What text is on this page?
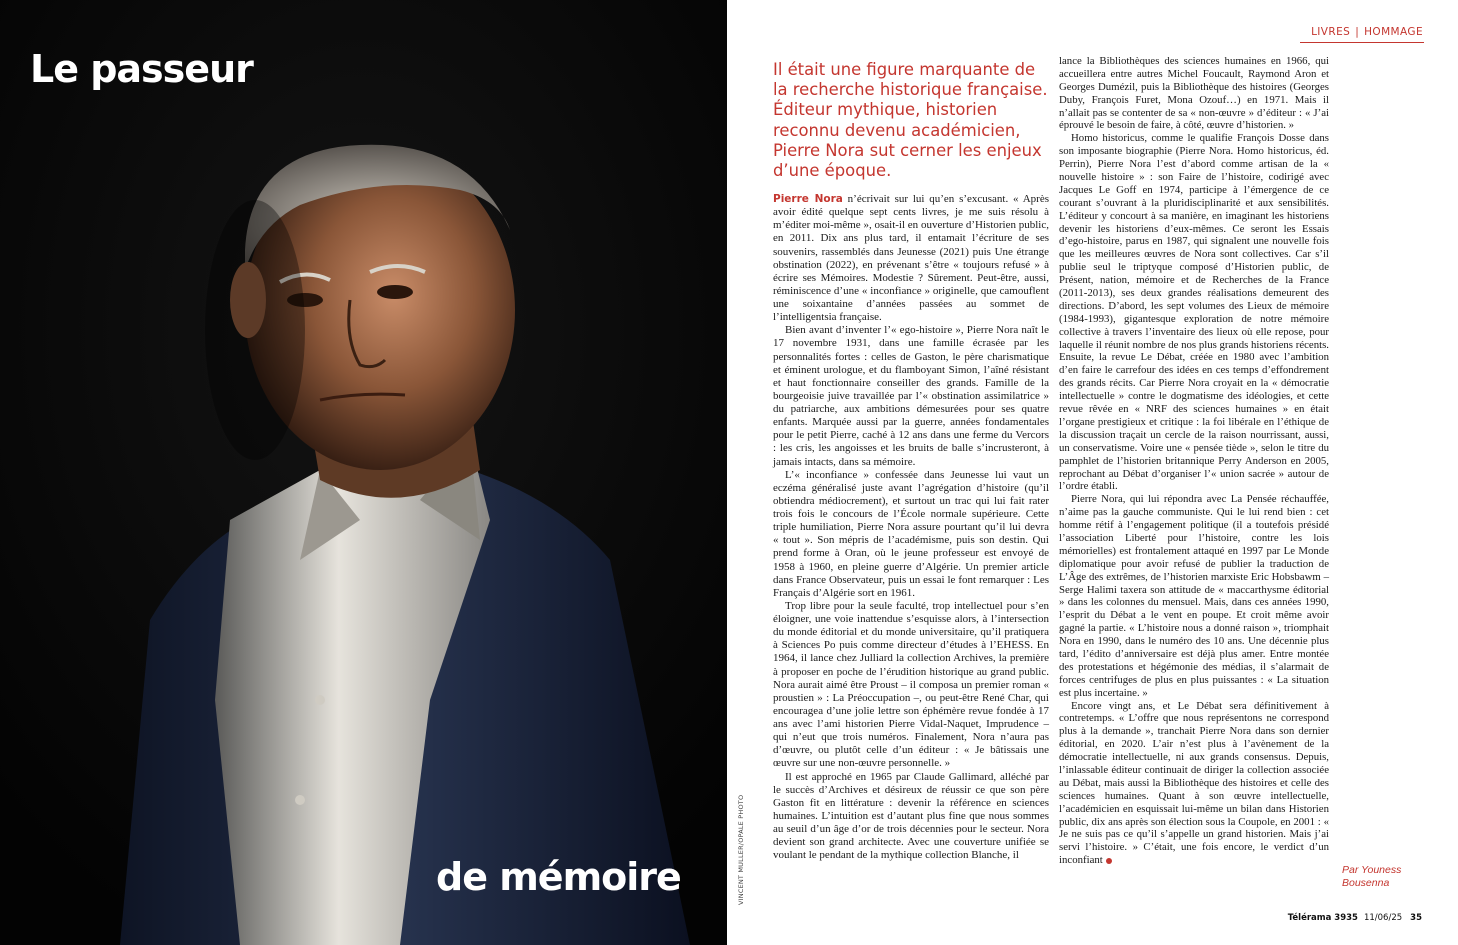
Le passeur
de mémoire	VINCENT MULLER/OPALE PHOTO
LIVRES | HOMMAGE
Il était une figure marquante de la recherche historique française. Éditeur mythique, historien reconnu devenu académicien, Pierre Nora sut cerner les enjeux d’une époque.

Pierre Nora n’écrivait sur lui qu’en s’excusant. « Après avoir édité quelque sept cents livres, je me suis résolu à m’éditer moi-même », osait-il en ouverture d’Historien public, en 2011. Dix ans plus tard, il entamait l’écriture de ses souvenirs, rassemblés dans Jeunesse (2021) puis Une étrange obstination (2022), en prévenant s’être « toujours refusé » à écrire ses Mémoires. Modestie ? Sûrement. Peut-être, aussi, réminiscence d’une « inconfiance » originelle, que camouflent une soixantaine d’années passées au sommet de l’intelligentsia française.

Bien avant d’inventer l’« ego-histoire », Pierre Nora naît le 17 novembre 1931, dans une famille écrasée par les personnalités fortes : celles de Gaston, le père charismatique et éminent urologue, et du flamboyant Simon, l’aîné résistant et haut fonctionnaire conseiller des grands. Famille de la bourgeoisie juive travaillée par l’« obstination assimilatrice » du patriarche, aux ambitions démesurées pour ses quatre enfants. Marquée aussi par la guerre, années fondamentales pour le petit Pierre, caché à 12 ans dans une ferme du Vercors : les cris, les angoisses et les bruits de balle s’incrusteront, à jamais intacts, dans sa mémoire.

L’« inconfiance » confessée dans Jeunesse lui vaut un eczéma généralisé juste avant l’agrégation d’histoire (qu’il obtiendra médiocrement), et surtout un trac qui lui fait rater trois fois le concours de l’École normale supérieure. Cette triple humiliation, Pierre Nora assure pourtant qu’il lui devra « tout ». Son mépris de l’académisme, puis son destin. Qui prend forme à Oran, où le jeune professeur est envoyé de 1958 à 1960, en pleine guerre d’Algérie. Un premier article dans France Observateur, puis un essai le font remarquer : Les Français d’Algérie sort en 1961.

Trop libre pour la seule faculté, trop intellectuel pour s’en éloigner, une voie inattendue s’esquisse alors, à l’intersection du monde éditorial et du monde universitaire, qu’il pratiquera à Sciences Po puis comme directeur d’études à l’EHESS. En 1964, il lance chez Julliard la collection Archives, la première à proposer en poche de l’érudition historique au grand public. Nora aurait aimé être Proust – il composa un premier roman « proustien » : La Préoccupation –, ou peut-être René Char, qui encouragea d’une jolie lettre son éphémère revue fondée à 17 ans avec l’ami historien Pierre Vidal-Naquet, Imprudence – qui n’eut que trois numéros. Finalement, Nora n’aura pas d’œuvre, ou plutôt celle d’un éditeur : « Je bâtissais une œuvre sur une non-œuvre personnelle. »

Il est approché en 1965 par Claude Gallimard, alléché par le succès d’Archives et désireux de réussir ce que son père Gaston fit en littérature : devenir la référence en sciences humaines. L’intuition est d’autant plus fine que nous sommes au seuil d’un âge d’or de trois décennies pour le secteur. Nora devient son grand architecte. Avec une couverture unifiée se voulant le pendant de la mythique collection Blanche, il

lance la Bibliothèques des sciences humaines en 1966, qui accueillera entre autres Michel Foucault, Raymond Aron et Georges Dumézil, puis la Bibliothèque des histoires (Georges Duby, François Furet, Mona Ozouf…) en 1971. Mais il n’allait pas se contenter de sa « non-œuvre » d’éditeur : « J’ai éprouvé le besoin de faire, à côté, œuvre d’historien. »

Homo historicus, comme le qualifie François Dosse dans son imposante biographie (Pierre Nora. Homo historicus, éd. Perrin), Pierre Nora l’est d’abord comme artisan de la « nouvelle histoire » : son Faire de l’histoire, codirigé avec Jacques Le Goff en 1974, participe à l’émergence de ce courant s’ouvrant à la pluridisciplinarité et aux sensibilités. L’éditeur y concourt à sa manière, en imaginant les historiens devenir les historiens d’eux-mêmes. Ce seront les Essais d’ego-histoire, parus en 1987, qui signalent une nouvelle fois que les meilleures œuvres de Nora sont collectives. Car s’il publie seul le triptyque composé d’Historien public, de Présent, nation, mémoire et de Recherches de la France (2011-2013), ses deux grandes réalisations demeurent des directions. D’abord, les sept volumes des Lieux de mémoire (1984-1993), gigantesque exploration de notre mémoire collective à travers l’inventaire des lieux où elle repose, pour laquelle il réunit nombre de nos plus grands historiens récents. Ensuite, la revue Le Débat, créée en 1980 avec l’ambition d’en faire le carrefour des idées en ces temps d’effondrement des grands récits. Car Pierre Nora croyait en la « démocratie intellectuelle » contre le dogmatisme des idéologies, et cette revue rêvée en « NRF des sciences humaines » en était l’organe prestigieux et critique : la foi libérale en l’éthique de la discussion traçait un cercle de la raison nourrissant, aussi, un conservatisme. Voire une « pensée tiède », selon le titre du pamphlet de l’historien britannique Perry Anderson en 2005, reprochant au Débat d’organiser l’« union sacrée » autour de l’ordre établi.

Pierre Nora, qui lui répondra avec La Pensée réchauffée, n’aime pas la gauche communiste. Qui le lui rend bien : cet homme rétif à l’engagement politique (il a toutefois présidé l’association Liberté pour l’histoire, contre les lois mémorielles) est frontalement attaqué en 1997 par Le Monde diplomatique pour avoir refusé de publier la traduction de L’Âge des extrêmes, de l’historien marxiste Eric Hobsbawm – Serge Halimi taxera son attitude de « maccarthysme éditorial » dans les colonnes du mensuel. Mais, dans ces années 1990, l’esprit du Débat a le vent en poupe. Et croit même avoir gagné la partie. « L’histoire nous a donné raison », triomphait Nora en 1990, dans le numéro des 10 ans. Une décennie plus tard, l’édito d’anniversaire est déjà plus amer. Entre montée des protestations et hégémonie des médias, il s’alarmait de forces centrifuges de plus en plus puissantes : « La situation est plus incertaine. »

Encore vingt ans, et Le Débat sera définitivement à contretemps. « L’offre que nous représentons ne correspond plus à la demande », tranchait Pierre Nora dans son dernier éditorial, en 2020. L’air n’est plus à l’avènement de la démocratie intellectuelle, ni aux grands consensus. Depuis, l’inlassable éditeur continuait de diriger la collection associée au Débat, mais aussi la Bibliothèque des histoires et celle des sciences humaines. Quant à son œuvre intellectuelle, l’académicien en esquissait lui-même un bilan dans Historien public, dix ans après son élection sous la Coupole, en 2001 : « Je ne suis pas ce qu’il s’appelle un grand historien. Mais j’ai servi l’histoire. » C’était, une fois encore, le verdict d’un inconfiant

Par Youness
Bousenna
Télérama 3935 11/06/25 35
